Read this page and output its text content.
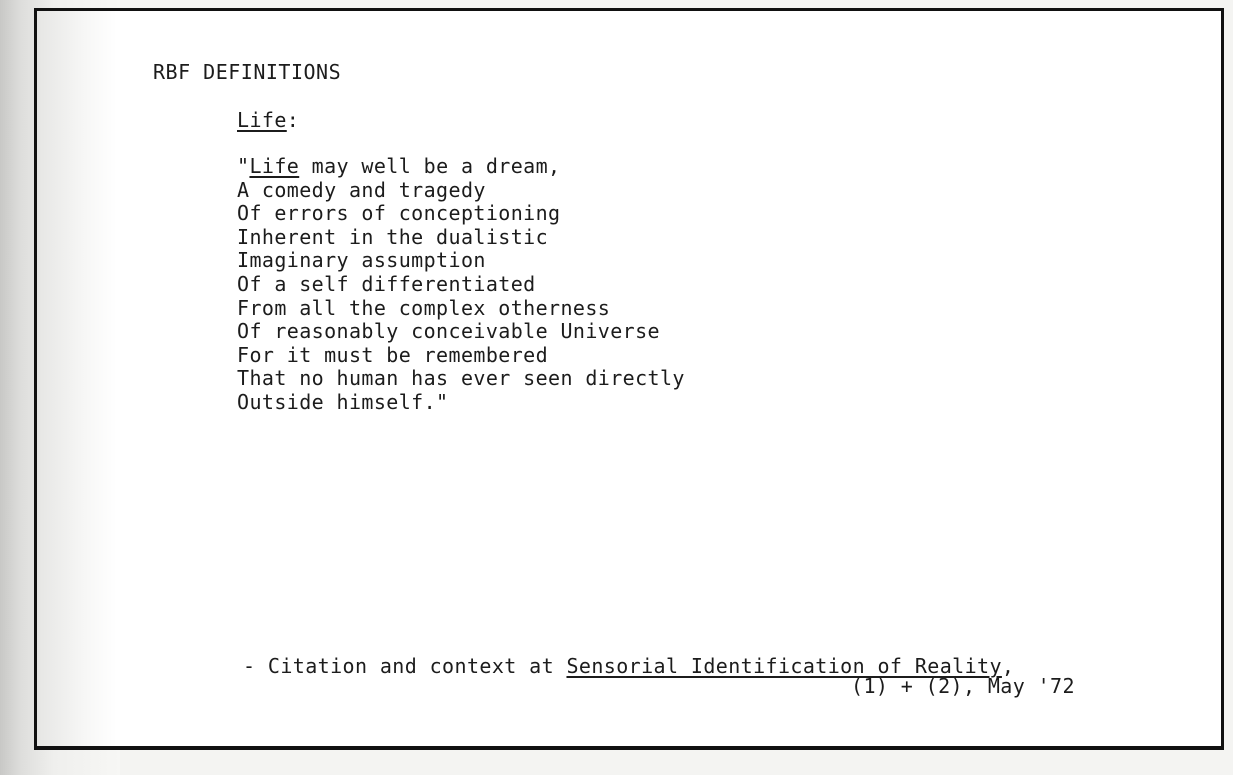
RBF DEFINITIONS
Life:
"Life may well be a dream,
A comedy and tragedy
Of errors of conceptioning
Inherent in the dualistic
Imaginary assumption
Of a self differentiated
From all the complex otherness
Of reasonably conceivable Universe
For it must be remembered
That no human has ever seen directly
Outside himself."
- Citation and context at Sensorial Identification of Reality,
(1) + (2), May '72
